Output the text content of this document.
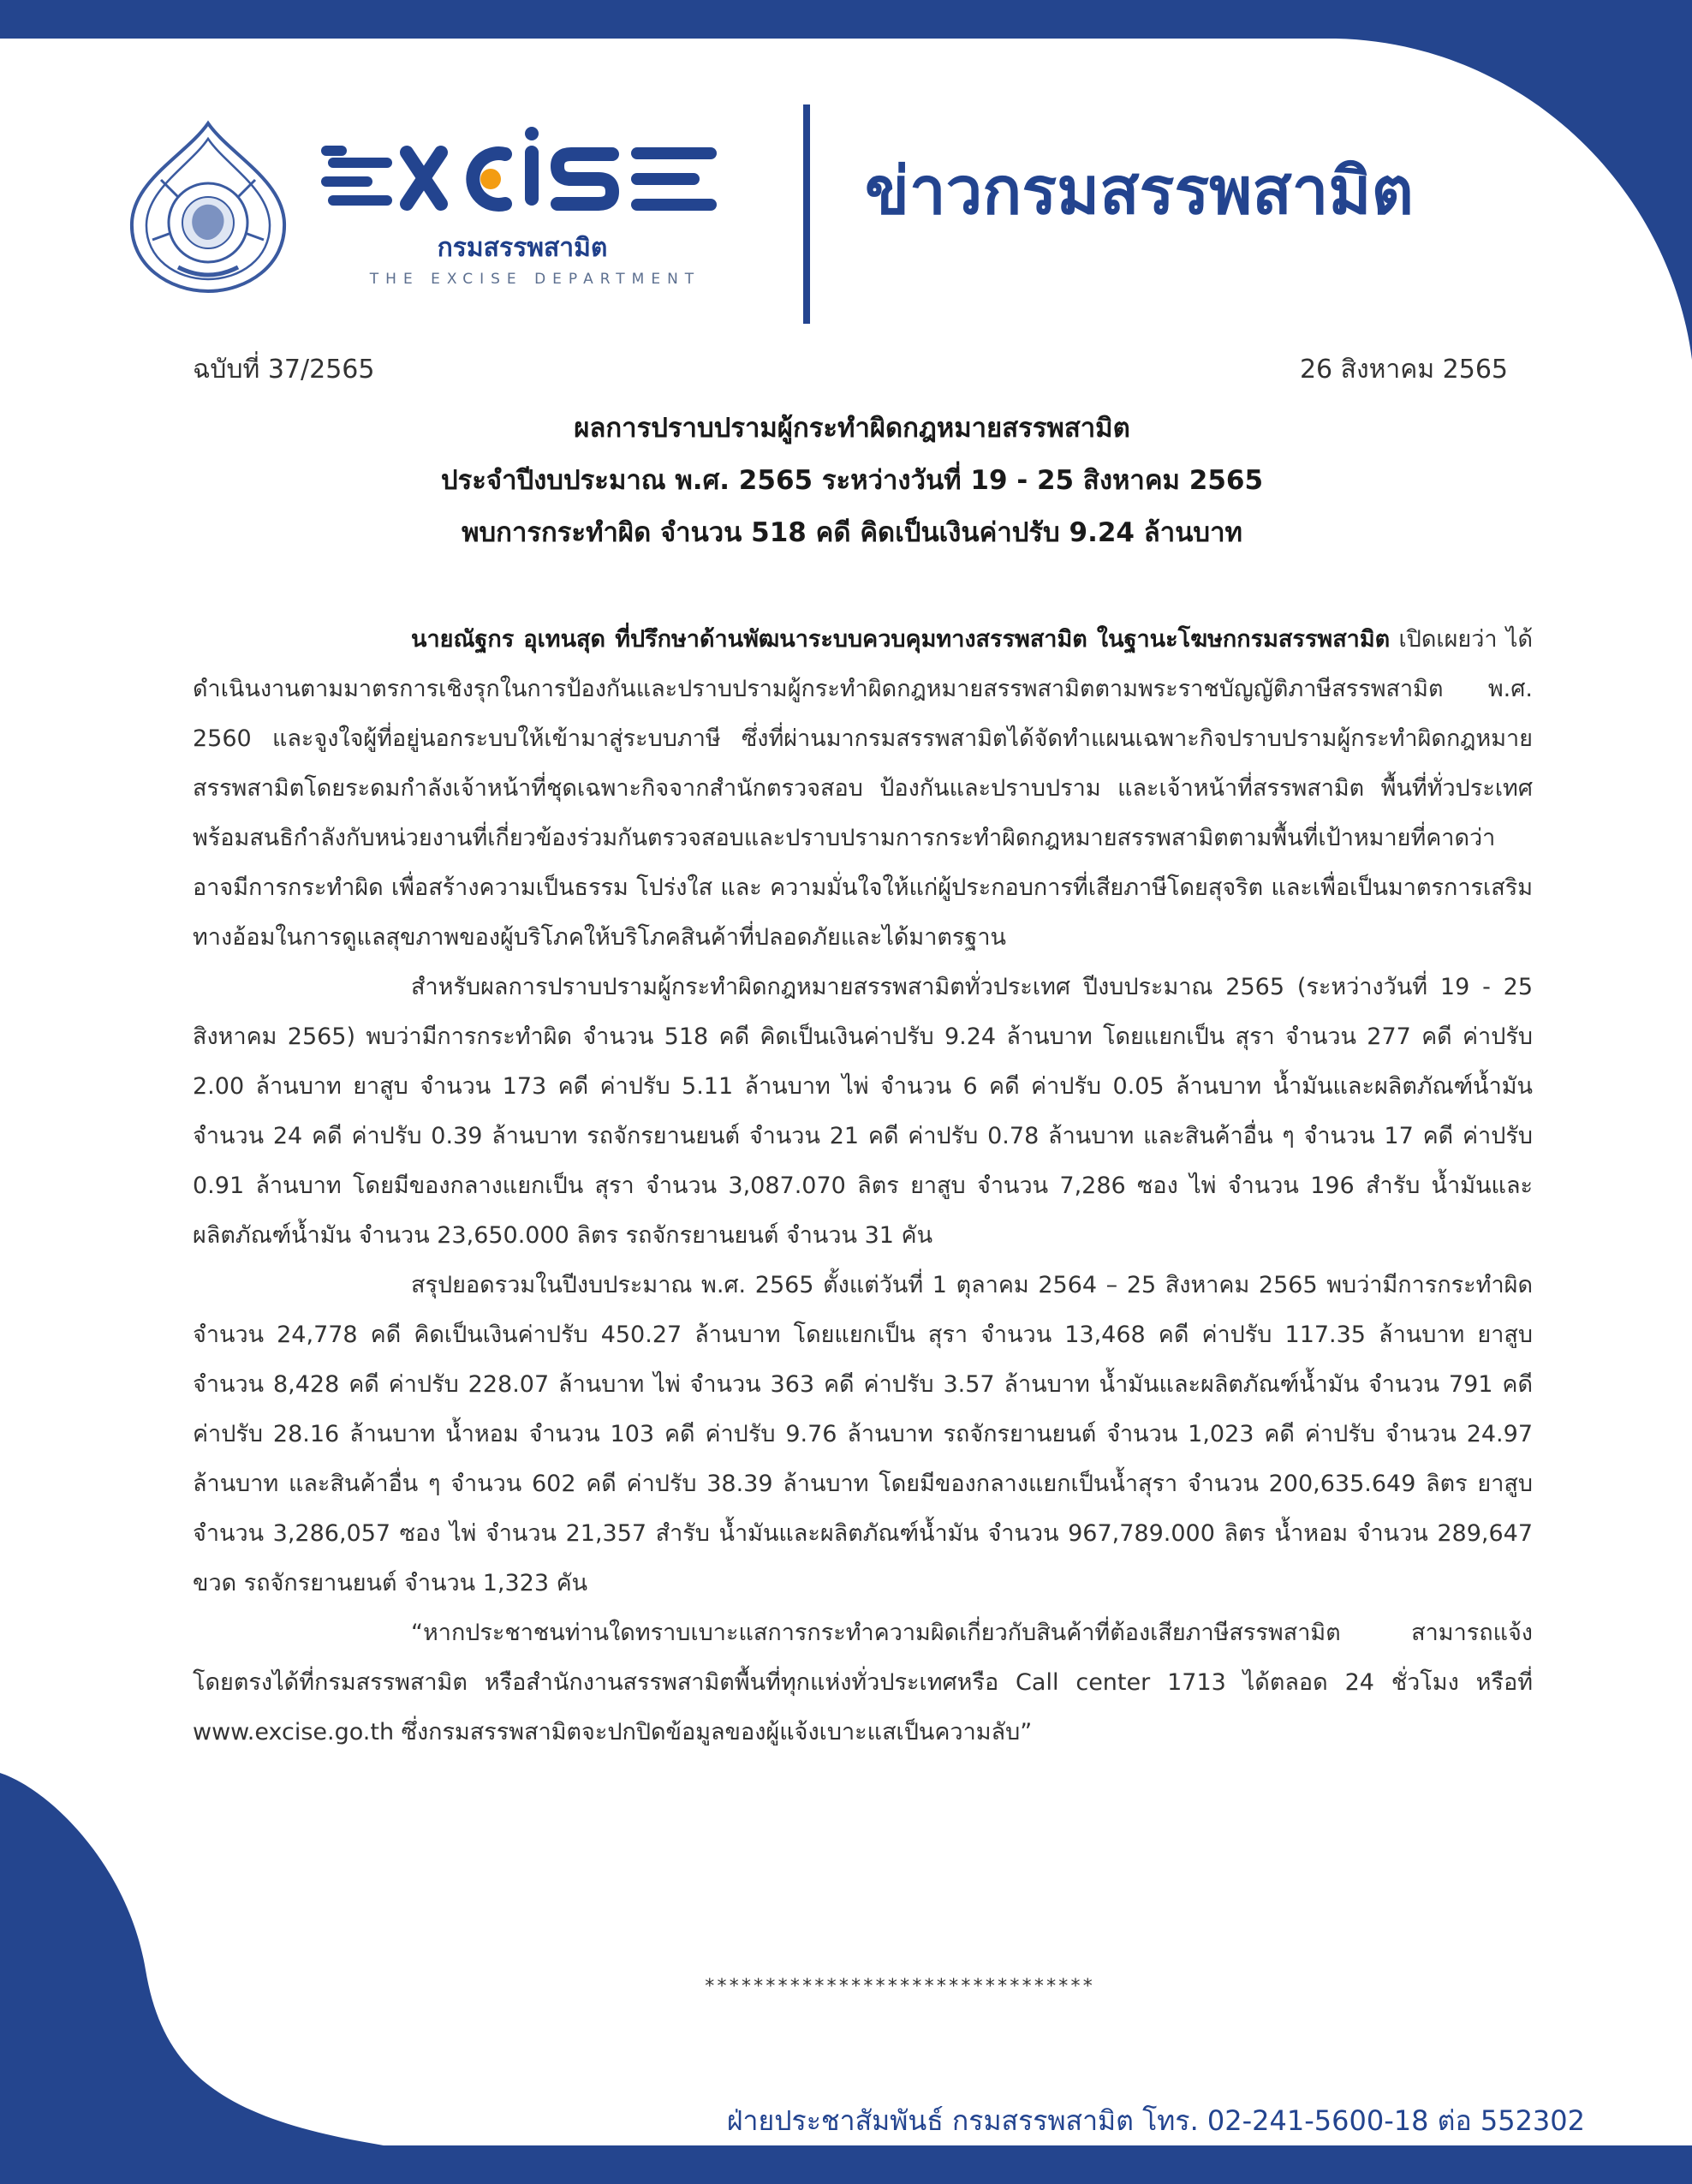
กรมสรรพสามิต
THE EXCISE DEPARTMENT
ข่าวกรมสรรพสามิต
ฉบับที่ 37/2565	26 สิงหาคม 2565
ผลการปราบปรามผู้กระทำผิดกฎหมายสรรพสามิต
ประจำปีงบประมาณ พ.ศ. 2565 ระหว่างวันที่ 19 - 25 สิงหาคม 2565
พบการกระทำผิด จำนวน 518 คดี คิดเป็นเงินค่าปรับ 9.24 ล้านบาท

นายณัฐกร อุเทนสุด ที่ปรึกษาด้านพัฒนาระบบควบคุมทางสรรพสามิต ในฐานะโฆษกกรมสรรพสามิต เปิดเผยว่า ได้ดำเนินงานตามมาตรการเชิงรุกในการป้องกันและปราบปรามผู้กระทำผิดกฎหมายสรรพสามิตตามพระราชบัญญัติภาษีสรรพสามิต พ.ศ. 2560 และจูงใจผู้ที่อยู่นอกระบบให้เข้ามาสู่ระบบภาษี ซึ่งที่ผ่านมากรมสรรพสามิตได้จัดทำแผนเฉพาะกิจปราบปรามผู้กระทำผิดกฎหมายสรรพสามิตโดยระดมกำลังเจ้าหน้าที่ชุดเฉพาะกิจจากสำนักตรวจสอบ ป้องกันและปราบปราม และเจ้าหน้าที่สรรพสามิต พื้นที่ทั่วประเทศพร้อมสนธิกำลังกับหน่วยงานที่เกี่ยวข้องร่วมกันตรวจสอบและปราบปรามการกระทำผิดกฎหมายสรรพสามิตตามพื้นที่เป้าหมายที่คาดว่าอาจมีการกระทำผิด เพื่อสร้างความเป็นธรรม โปร่งใส และ ความมั่นใจให้แก่ผู้ประกอบการที่เสียภาษีโดยสุจริต และเพื่อเป็นมาตรการเสริมทางอ้อมในการดูแลสุขภาพของผู้บริโภคให้บริโภคสินค้าที่ปลอดภัยและได้มาตรฐาน

สำหรับผลการปราบปรามผู้กระทำผิดกฎหมายสรรพสามิตทั่วประเทศ ปีงบประมาณ 2565 (ระหว่างวันที่ 19 - 25 สิงหาคม 2565) พบว่ามีการกระทำผิด จำนวน 518 คดี คิดเป็นเงินค่าปรับ 9.24 ล้านบาท โดยแยกเป็น สุรา จำนวน 277 คดี ค่าปรับ 2.00 ล้านบาท ยาสูบ จำนวน 173 คดี ค่าปรับ 5.11 ล้านบาท ไพ่ จำนวน 6 คดี ค่าปรับ 0.05 ล้านบาท น้ำมันและผลิตภัณฑ์น้ำมัน จำนวน 24 คดี ค่าปรับ 0.39 ล้านบาท รถจักรยานยนต์ จำนวน 21 คดี ค่าปรับ 0.78 ล้านบาท และสินค้าอื่น ๆ จำนวน 17 คดี ค่าปรับ 0.91 ล้านบาท โดยมีของกลางแยกเป็น สุรา จำนวน 3,087.070 ลิตร ยาสูบ จำนวน 7,286 ซอง ไพ่ จำนวน 196 สำรับ น้ำมันและผลิตภัณฑ์น้ำมัน จำนวน 23,650.000 ลิตร รถจักรยานยนต์ จำนวน 31 คัน

สรุปยอดรวมในปีงบประมาณ พ.ศ. 2565 ตั้งแต่วันที่ 1 ตุลาคม 2564 – 25 สิงหาคม 2565 พบว่ามีการกระทำผิด จำนวน 24,778 คดี คิดเป็นเงินค่าปรับ 450.27 ล้านบาท โดยแยกเป็น สุรา จำนวน 13,468 คดี ค่าปรับ 117.35 ล้านบาท ยาสูบ จำนวน 8,428 คดี ค่าปรับ 228.07 ล้านบาท ไพ่ จำนวน 363 คดี ค่าปรับ 3.57 ล้านบาท น้ำมันและผลิตภัณฑ์น้ำมัน จำนวน 791 คดี ค่าปรับ 28.16 ล้านบาท น้ำหอม จำนวน 103 คดี ค่าปรับ 9.76 ล้านบาท รถจักรยานยนต์ จำนวน 1,023 คดี ค่าปรับ จำนวน 24.97 ล้านบาท และสินค้าอื่น ๆ จำนวน 602 คดี ค่าปรับ 38.39 ล้านบาท โดยมีของกลางแยกเป็นน้ำสุรา จำนวน 200,635.649 ลิตร ยาสูบ จำนวน 3,286,057 ซอง ไพ่ จำนวน 21,357 สำรับ น้ำมันและผลิตภัณฑ์น้ำมัน จำนวน 967,789.000 ลิตร น้ำหอม จำนวน 289,647 ขวด รถจักรยานยนต์ จำนวน 1,323 คัน

“หากประชาชนท่านใดทราบเบาะแสการกระทำความผิดเกี่ยวกับสินค้าที่ต้องเสียภาษีสรรพสามิต สามารถแจ้งโดยตรงได้ที่กรมสรรพสามิต หรือสำนักงานสรรพสามิตพื้นที่ทุกแห่งทั่วประเทศหรือ Call center 1713 ได้ตลอด 24 ชั่วโมง หรือที่ www.excise.go.th ซึ่งกรมสรรพสามิตจะปกปิดข้อมูลของผู้แจ้งเบาะแสเป็นความลับ”

********************************
ฝ่ายประชาสัมพันธ์ กรมสรรพสามิต โทร. 02-241-5600-18 ต่อ 552302
